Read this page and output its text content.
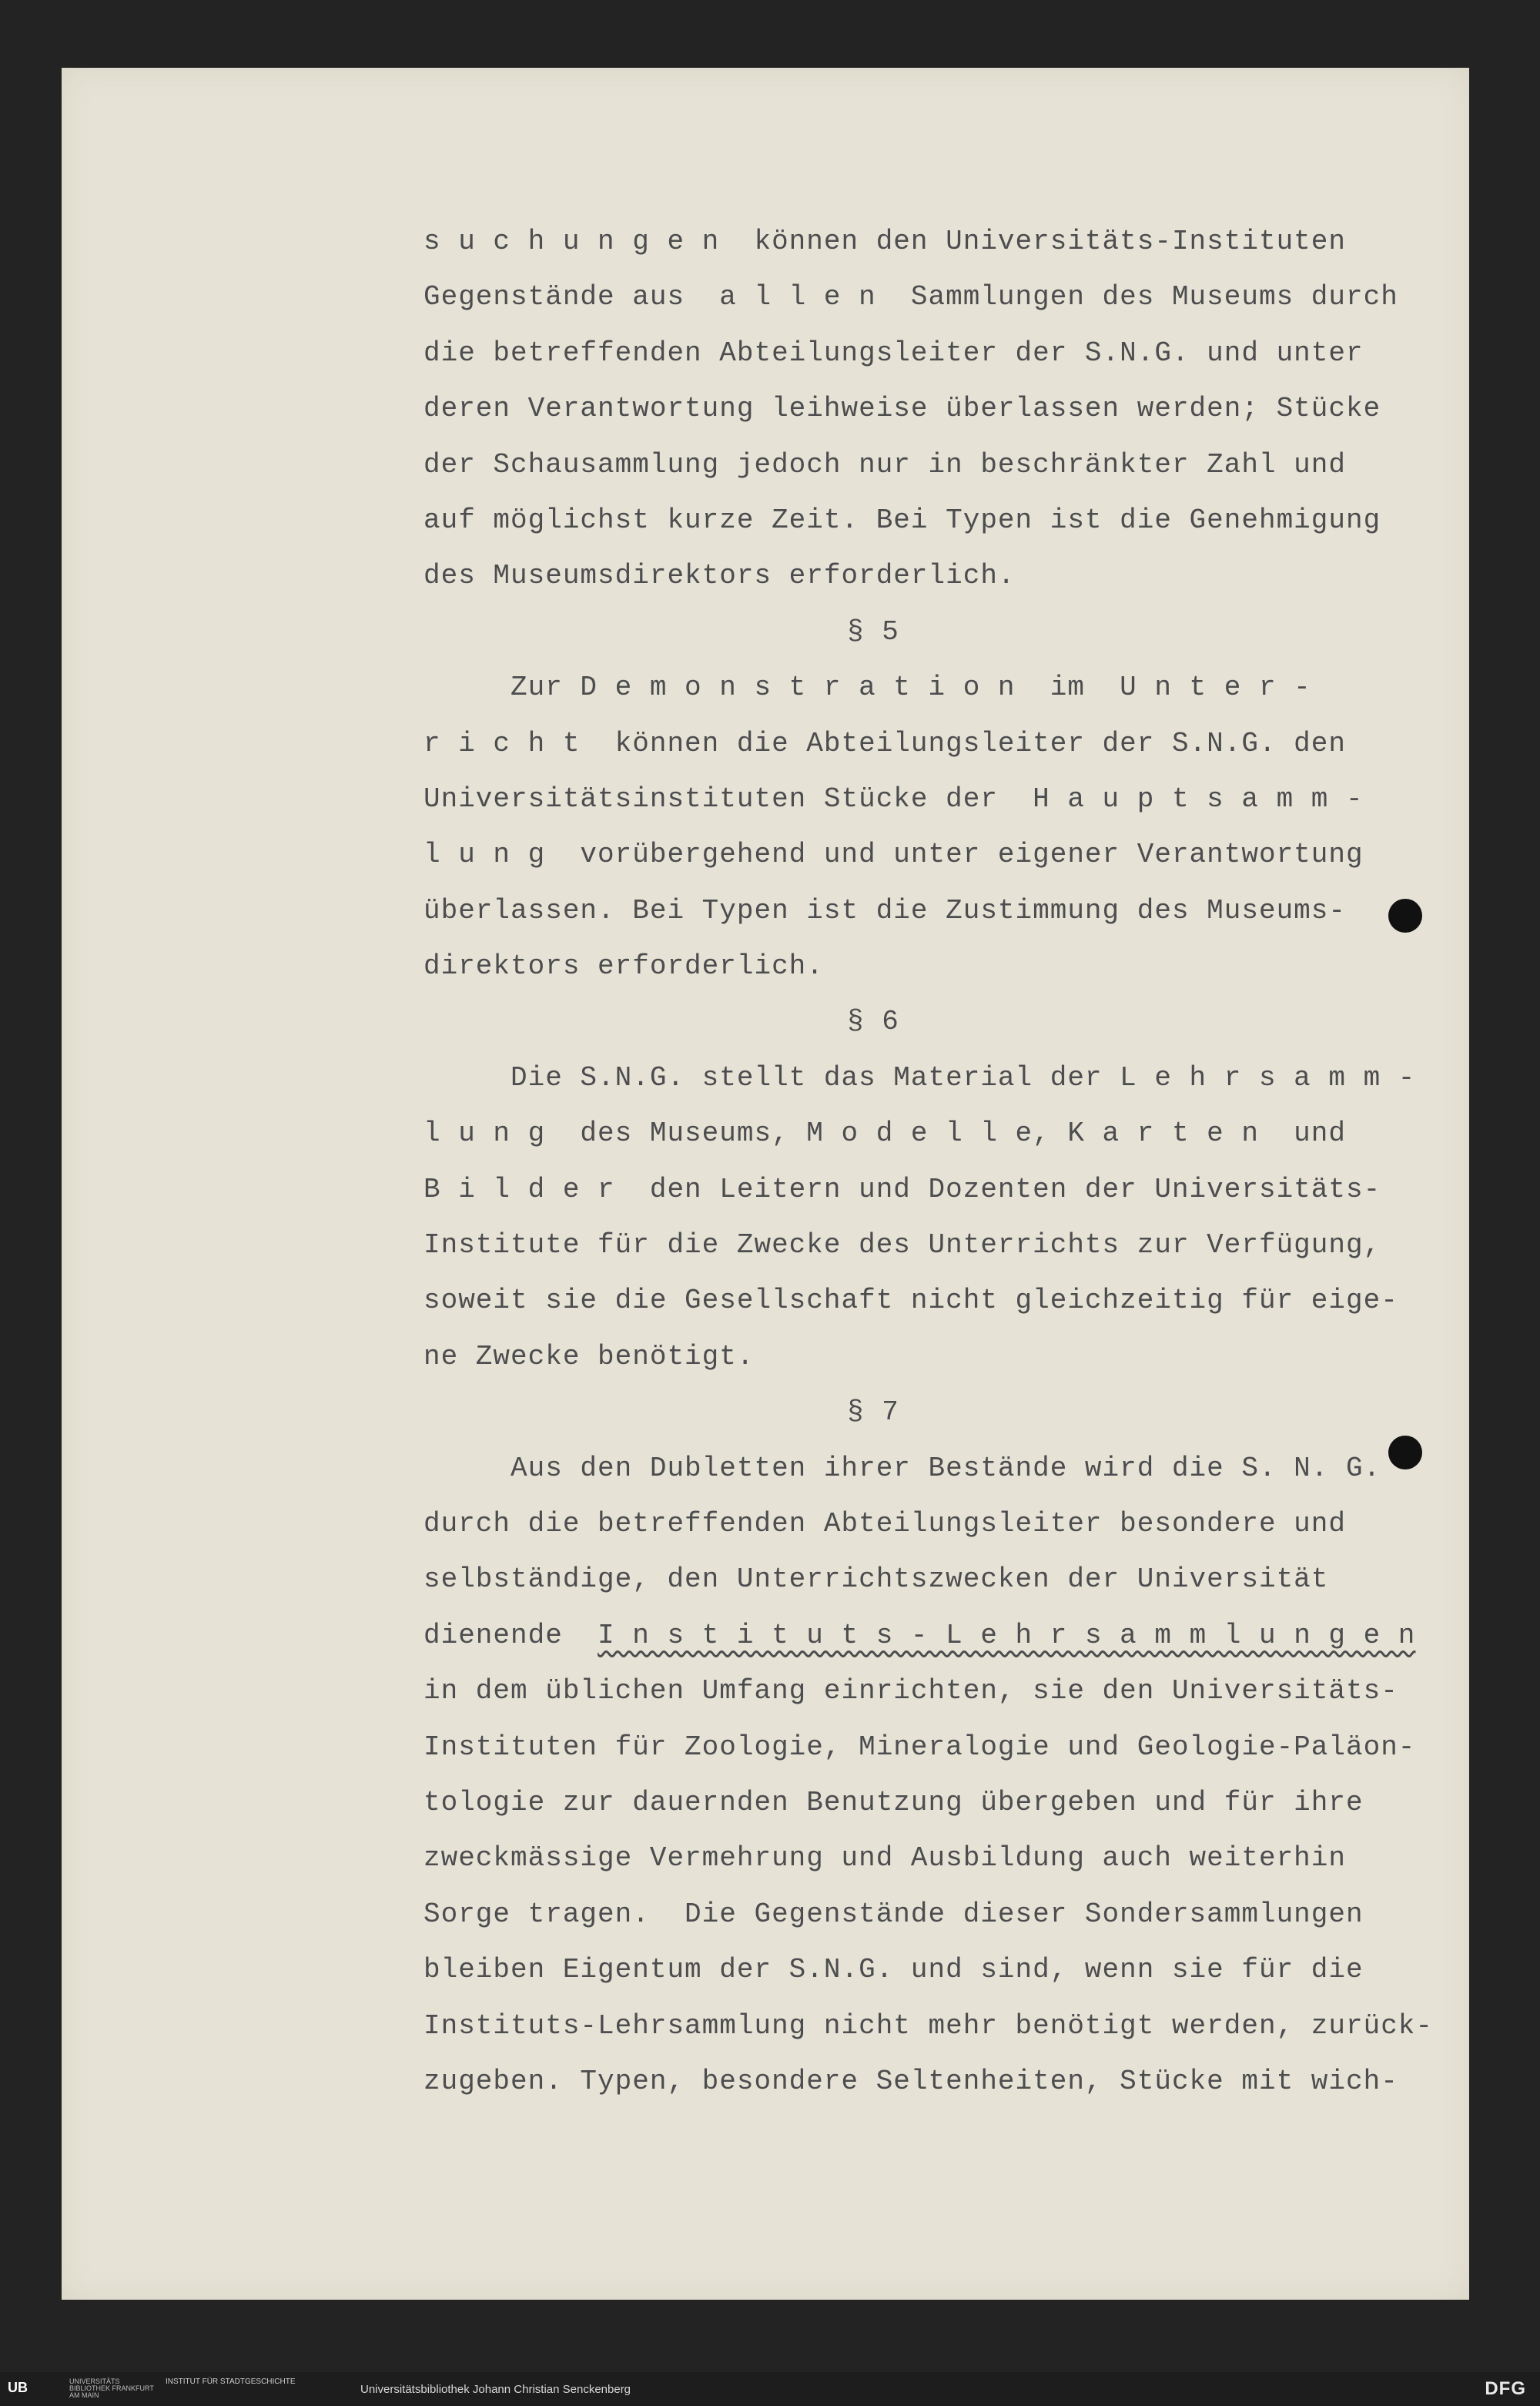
s u c h u n g e n  können den Universitäts-Instituten
Gegenstände aus  a l l e n  Sammlungen des Museums durch
die betreffenden Abteilungsleiter der S.N.G. und unter
deren Verantwortung leihweise überlassen werden; Stücke
der Schausammlung jedoch nur in beschränkter Zahl und
auf möglichst kurze Zeit. Bei Typen ist die Genehmigung
des Museumsdirektors erforderlich.
§ 5
Zur D e m o n s t r a t i o n  im  U n t e r -
r i c h t  können die Abteilungsleiter der S.N.G. den
Universitätsinstituten Stücke der  H a u p t s a m m -
l u n g  vorübergehend und unter eigener Verantwortung
überlassen. Bei Typen ist die Zustimmung des Museums-
direktors erforderlich.
§ 6
Die S.N.G. stellt das Material der L e h r s a m m -
l u n g  des Museums, M o d e l l e, K a r t e n  und
B i l d e r  den Leitern und Dozenten der Universitäts-
Institute für die Zwecke des Unterrichts zur Verfügung,
soweit sie die Gesellschaft nicht gleichzeitig für eige-
ne Zwecke benötigt.
§ 7
Aus den Dubletten ihrer Bestände wird die S. N. G.
durch die betreffenden Abteilungsleiter besondere und
selbständige, den Unterrichtszwecken der Universität
dienende  I n s t i t u t s - L e h r s a m m l u n g e n
in dem üblichen Umfang einrichten, sie den Universitäts-
Instituten für Zoologie, Mineralogie und Geologie-Paläon-
tologie zur dauernden Benutzung übergeben und für ihre
zweckmässige Vermehrung und Ausbildung auch weiterhin
Sorge tragen.  Die Gegenstände dieser Sondersammlungen
bleiben Eigentum der S.N.G. und sind, wenn sie für die
Instituts-Lehrsammlung nicht mehr benötigt werden, zurück-
zugeben. Typen, besondere Seltenheiten, Stücke mit wich-
UB	UNIVERSITÄTS BIBLIOTHEK FRANKFURT AM MAIN
INSTITUT FÜR STADTGESCHICHTE
Universitätsbibliothek Johann Christian Senckenberg	DFG
